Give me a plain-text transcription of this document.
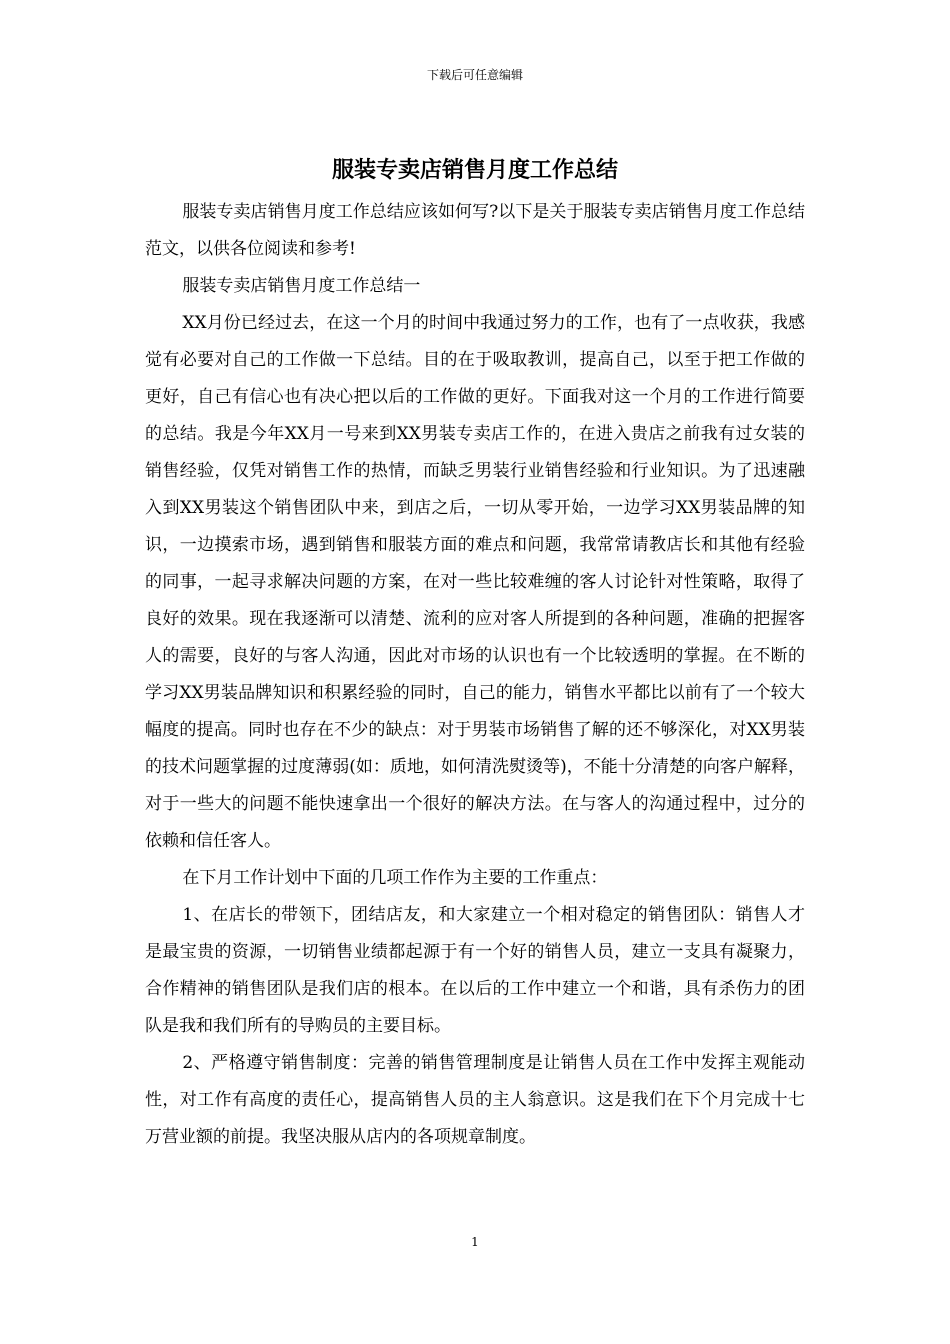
下载后可任意编辑
服装专卖店销售月度工作总结

服装专卖店销售月度工作总结应该如何写?以下是关于服装专卖店销售月度工作总结范文，以供各位阅读和参考!

服装专卖店销售月度工作总结一

XX月份已经过去，在这一个月的时间中我通过努力的工作，也有了一点收获，我感觉有必要对自己的工作做一下总结。目的在于吸取教训，提高自己，以至于把工作做的更好，自己有信心也有决心把以后的工作做的更好。下面我对这一个月的工作进行简要的总结。我是今年XX月一号来到XX男装专卖店工作的，在进入贵店之前我有过女装的销售经验，仅凭对销售工作的热情，而缺乏男装行业销售经验和行业知识。为了迅速融入到XX男装这个销售团队中来，到店之后，一切从零开始，一边学习XX男装品牌的知识，一边摸索市场，遇到销售和服装方面的难点和问题，我常常请教店长和其他有经验的同事，一起寻求解决问题的方案，在对一些比较难缠的客人讨论针对性策略，取得了良好的效果。现在我逐渐可以清楚、流利的应对客人所提到的各种问题，准确的把握客人的需要，良好的与客人沟通，因此对市场的认识也有一个比较透明的掌握。在不断的学习XX男装品牌知识和积累经验的同时，自己的能力，销售水平都比以前有了一个较大幅度的提高。同时也存在不少的缺点：对于男装市场销售了解的还不够深化，对XX男装的技术问题掌握的过度薄弱(如：质地，如何清洗熨烫等)，不能十分清楚的向客户解释，对于一些大的问题不能快速拿出一个很好的解决方法。在与客人的沟通过程中，过分的依赖和信任客人。

在下月工作计划中下面的几项工作作为主要的工作重点：

1、在店长的带领下，团结店友，和大家建立一个相对稳定的销售团队：销售人才是最宝贵的资源，一切销售业绩都起源于有一个好的销售人员，建立一支具有凝聚力，合作精神的销售团队是我们店的根本。在以后的工作中建立一个和谐，具有杀伤力的团队是我和我们所有的导购员的主要目标。

2、严格遵守销售制度：完善的销售管理制度是让销售人员在工作中发挥主观能动性，对工作有高度的责任心，提高销售人员的主人翁意识。这是我们在下个月完成十七万营业额的前提。我坚决服从店内的各项规章制度。

1
